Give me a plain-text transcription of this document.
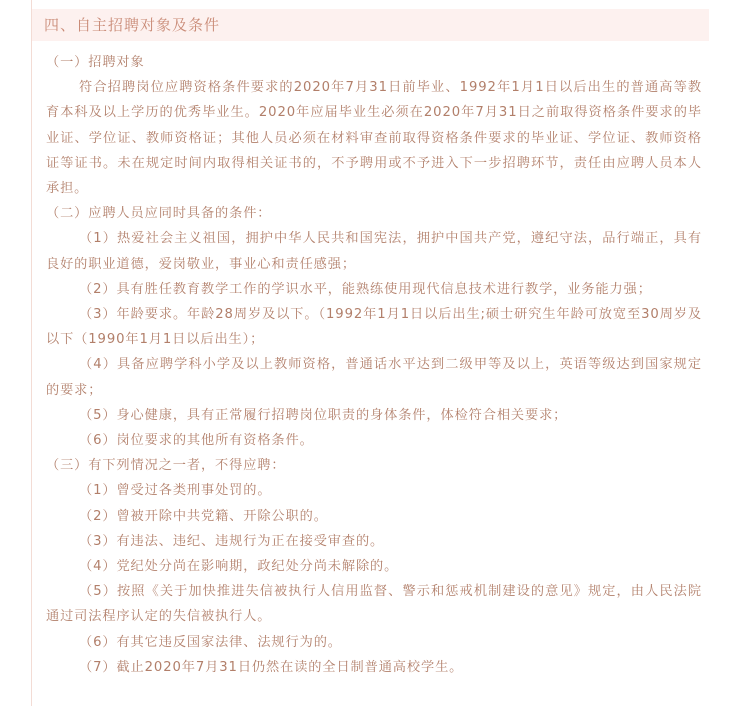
四、自主招聘对象及条件

（一）招聘对象

符合招聘岗位应聘资格条件要求的2020年7月31日前毕业、1992年1月1日以后出生的普通高等教育本科及以上学历的优秀毕业生。2020年应届毕业生必须在2020年7月31日之前取得资格条件要求的毕业证、学位证、教师资格证；其他人员必须在材料审查前取得资格条件要求的毕业证、学位证、教师资格证等证书。未在规定时间内取得相关证书的，不予聘用或不予进入下一步招聘环节，责任由应聘人员本人承担。

（二）应聘人员应同时具备的条件：

（1）热爱社会主义祖国，拥护中华人民共和国宪法，拥护中国共产党，遵纪守法，品行端正，具有良好的职业道德，爱岗敬业，事业心和责任感强；

（2）具有胜任教育教学工作的学识水平，能熟练使用现代信息技术进行教学，业务能力强；

（3）年龄要求。年龄28周岁及以下。（1992年1月1日以后出生;硕士研究生年龄可放宽至30周岁及以下（1990年1月1日以后出生）；

（4）具备应聘学科小学及以上教师资格，普通话水平达到二级甲等及以上，英语等级达到国家规定的要求；

（5）身心健康，具有正常履行招聘岗位职责的身体条件，体检符合相关要求；

（6）岗位要求的其他所有资格条件。

（三）有下列情况之一者，不得应聘：

（1）曾受过各类刑事处罚的。

（2）曾被开除中共党籍、开除公职的。

（3）有违法、违纪、违规行为正在接受审查的。

（4）党纪处分尚在影响期，政纪处分尚未解除的。

（5）按照《关于加快推进失信被执行人信用监督、警示和惩戒机制建设的意见》规定，由人民法院通过司法程序认定的失信被执行人。

（6）有其它违反国家法律、法规行为的。

（7）截止2020年7月31日仍然在读的全日制普通高校学生。
